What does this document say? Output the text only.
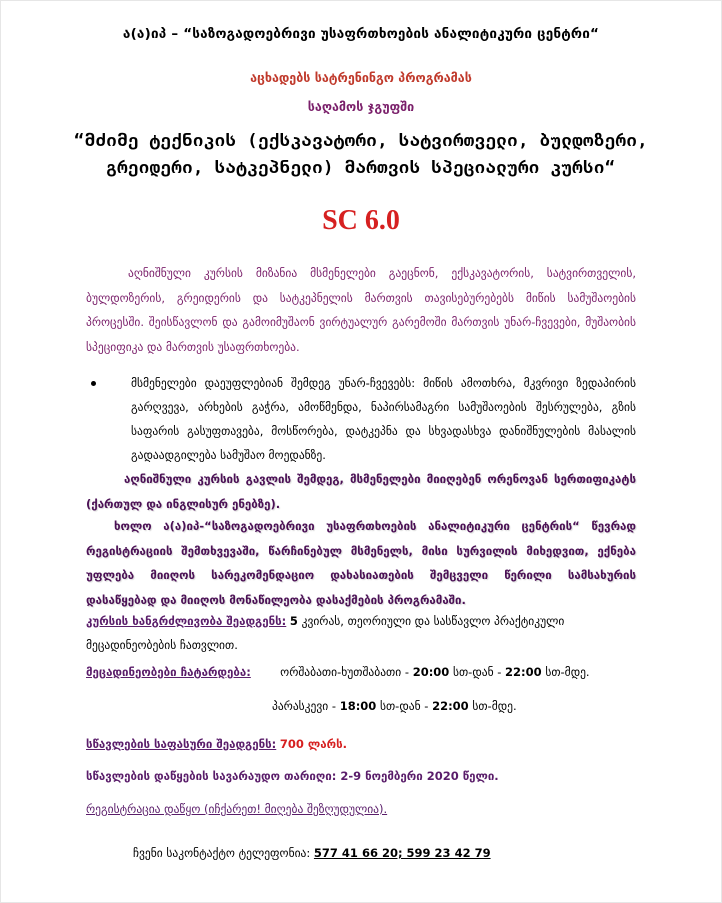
ა(ა)იპ – “საზოგადოებრივი უსაფრთხოების ანალიტიკური ცენტრი“
აცხადებს სატრენინგო პროგრამას
საღამოს ჯგუფში
“მძიმე ტექნიკის (ექსკავატორი, სატვირთველი, ბულდოზერი,
გრეიდერი, სატკეპნელი) მართვის სპეციალური კურსი“
SC 6.0
აღნიშნული კურსის მიზანია მსმენელები გაეცნონ, ექსკავატორის, სატვირთველის, ბულდოზერის, გრეიდერის და სატკეპნელის მართვის თავისებურებებს მიწის სამუშაოების პროცესში. შეისწავლონ და გამოიმუშაონ ვირტუალურ გარემოში მართვის უნარ-ჩვევები, მუშაობის სპეციფიკა და მართვის უსაფრთხოება.
მსმენელები დაეუფლებიან შემდეგ უნარ-ჩვევებს: მიწის ამოთხრა, მკვრივი ზედაპირის გარღვევა, არხების გაჭრა, ამოწმენდა, ნაპირსამაგრი სამუშაოების შესრულება, გზის საფარის გასუფთავება, მოსწორება, დატკეპნა და სხვადასხვა დანიშნულების მასალის გადაადგილება სამუშაო მოედანზე.
აღნიშნული კურსის გავლის შემდეგ, მსმენელები მიიღებენ ორენოვან სერთიფიკატს (ქართულ და ინგლისურ ენებზე).
ხოლო ა(ა)იპ-“საზოგადოებრივი უსაფრთხოების ანალიტიკური ცენტრის“ წევრად რეგისტრაციის შემთხვევაში, წარჩინებულ მსმენელს, მისი სურვილის მიხედვით, ექნება უფლება მიიღოს სარეკომენდაციო დახასიათების შემცველი წერილი სამსახურის დასაწყებად და მიიღოს მონაწილეობა დასაქმების პროგრამაში.
კურსის ხანგრძლივობა შეადგენს: 5 კვირას, თეორიული და სასწავლო პრაქტიკული მეცადინეობების ჩათვლით.
მეცადინეობები ჩატარდება:	ორშაბათი-ხუთშაბათი - 20:00 სთ-დან - 22:00 სთ-მდე.
პარასკევი - 18:00 სთ-დან - 22:00 სთ-მდე.
სწავლების საფასური შეადგენს: 700 ლარს.
სწავლების დაწყების სავარაუდო თარიღი: 2-9 ნოემბერი 2020 წელი.
რეგისტრაცია დაწყო (იჩქარეთ! მიღება შეზღუდულია).
ჩვენი საკონტაქტო ტელეფონია: 577 41 66 20; 599 23 42 79
